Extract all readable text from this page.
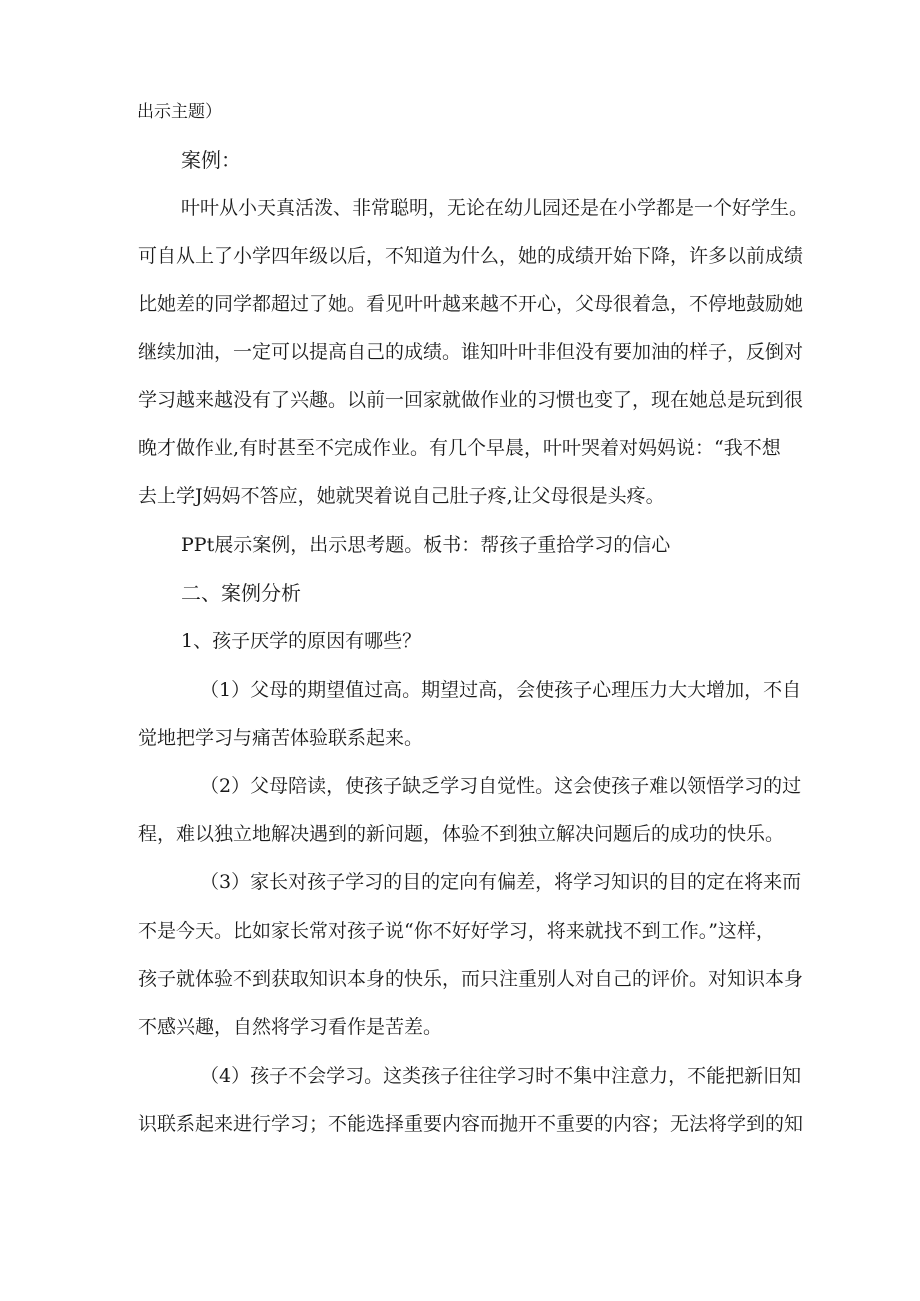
出示主题）
案例：
叶叶从小天真活泼、非常聪明，无论在幼儿园还是在小学都是一个好学生。
可自从上了小学四年级以后，不知道为什么，她的成绩开始下降，许多以前成绩
比她差的同学都超过了她。看见叶叶越来越不开心，父母很着急，不停地鼓励她
继续加油，一定可以提高自己的成绩。谁知叶叶非但没有要加油的样子，反倒对
学习越来越没有了兴趣。以前一回家就做作业的习惯也变了，现在她总是玩到很
晚才做作业,有时甚至不完成作业。有几个早晨，叶叶哭着对妈妈说：“我不想
去上学J妈妈不答应，她就哭着说自己肚子疼,让父母很是头疼。
PPt展示案例，出示思考题。板书：帮孩子重拾学习的信心
二、案例分析
1、孩子厌学的原因有哪些？
（1）父母的期望值过高。期望过高，会使孩子心理压力大大增加，不自
觉地把学习与痛苦体验联系起来。
（2）父母陪读，使孩子缺乏学习自觉性。这会使孩子难以领悟学习的过
程，难以独立地解决遇到的新问题，体验不到独立解决问题后的成功的快乐。
（3）家长对孩子学习的目的定向有偏差，将学习知识的目的定在将来而
不是今天。比如家长常对孩子说“你不好好学习，将来就找不到工作。”这样，
孩子就体验不到获取知识本身的快乐，而只注重别人对自己的评价。对知识本身
不感兴趣，自然将学习看作是苦差。
（4）孩子不会学习。这类孩子往往学习时不集中注意力，不能把新旧知
识联系起来进行学习；不能选择重要内容而抛开不重要的内容；无法将学到的知
